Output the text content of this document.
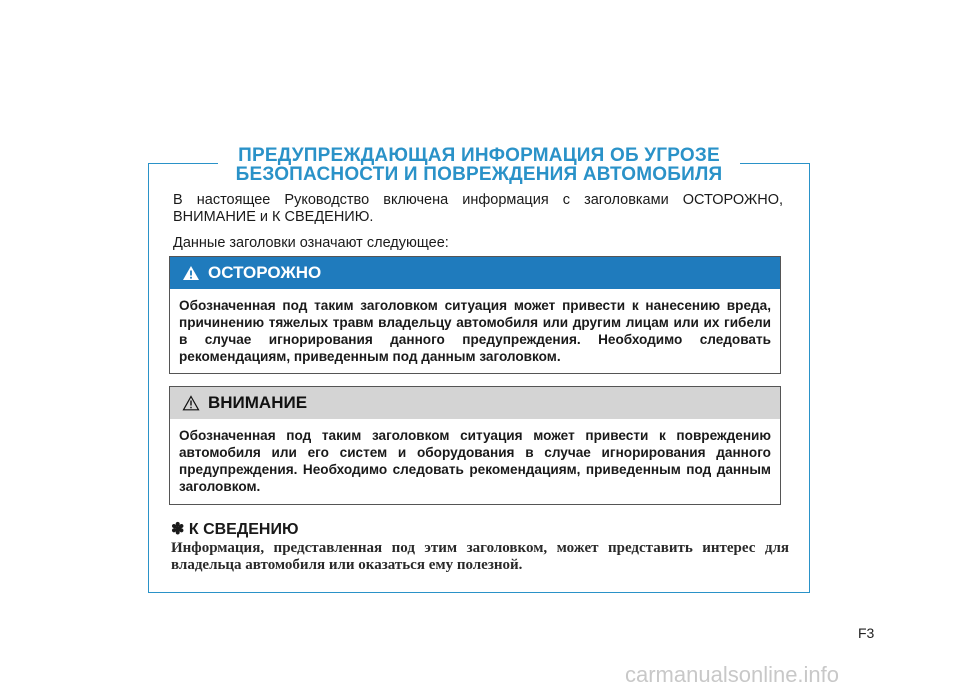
ПРЕДУПРЕЖДАЮЩАЯ ИНФОРМАЦИЯ ОБ УГРОЗЕ
БЕЗОПАСНОСТИ И ПОВРЕЖДЕНИЯ АВТОМОБИЛЯ

В настоящее Руководство включена информация с заголовками ОСТОРОЖНО, ВНИМАНИЕ и К СВЕДЕНИЮ.

Данные заголовки означают следующее:

ОСТОРОЖНО
Обозначенная под таким заголовком ситуация может привести к нанесению вреда, причинению тяжелых травм владельцу автомобиля или другим лицам или их гибели в случае игнорирования данного предупреждения. Необходимо следовать рекомендациям, приведенным под данным заголовком.
ВНИМАНИЕ
Обозначенная под таким заголовком ситуация может привести к повреждению автомобиля или его систем и оборудования в случае игнорирования данного предупреждения. Необходимо следовать рекомендациям, приведенным под данным заголовком.
✽ К СВЕДЕНИЮ
Информация, представленная под этим заголовком, может представить интерес для владельца автомобиля или оказаться ему полезной.
F3
carmanualsonline.info
